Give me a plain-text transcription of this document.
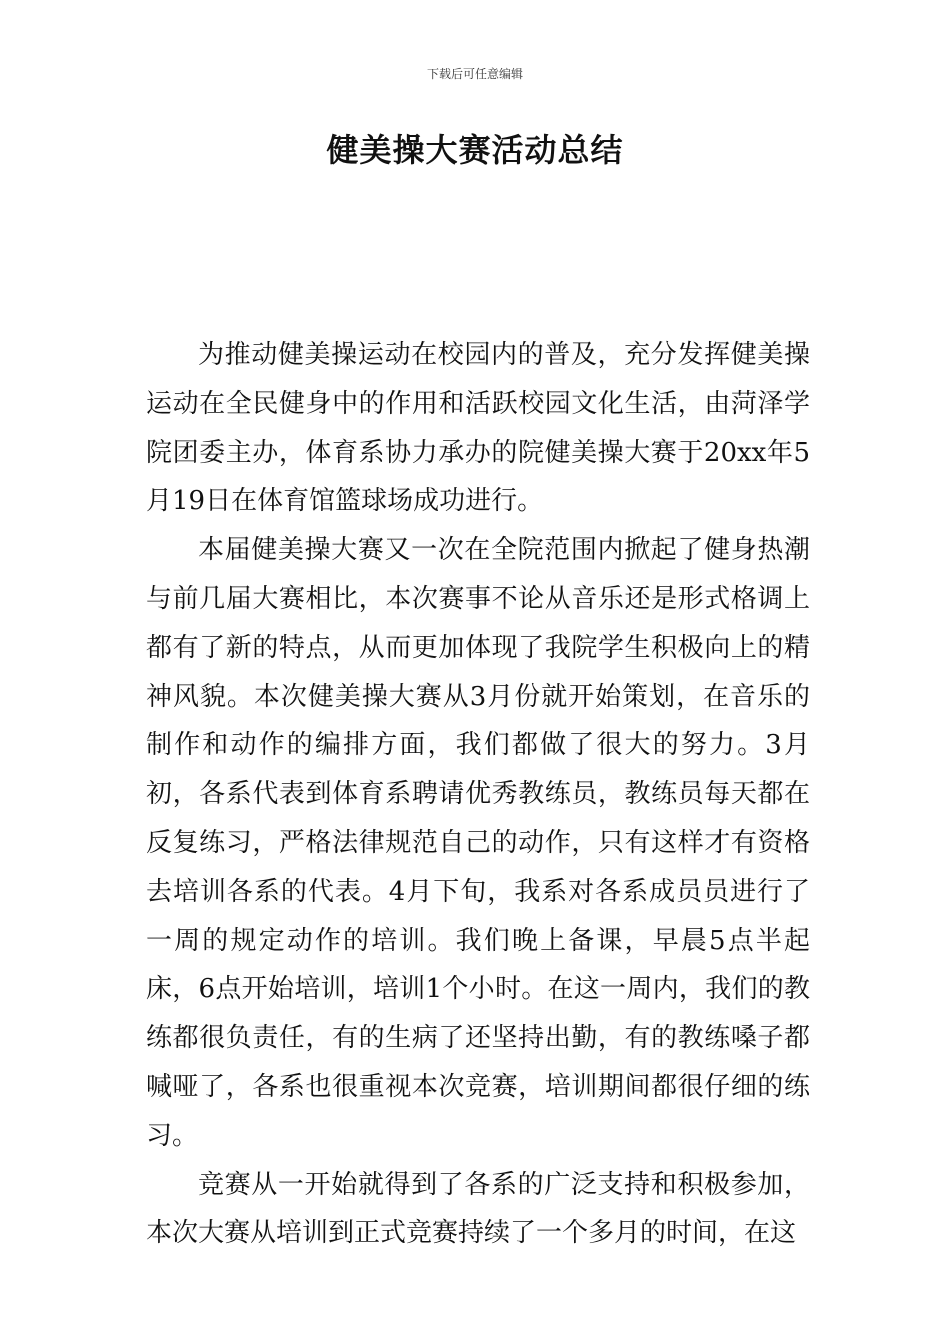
下载后可任意编辑
健美操大赛活动总结

为推动健美操运动在校园内的普及，充分发挥健美操运动在全民健身中的作用和活跃校园文化生活，由菏泽学院团委主办，体育系协力承办的院健美操大赛于20xx年5月19日在体育馆篮球场成功进行。

本届健美操大赛又一次在全院范围内掀起了健身热潮与前几届大赛相比，本次赛事不论从音乐还是形式格调上都有了新的特点，从而更加体现了我院学生积极向上的精神风貌。本次健美操大赛从3月份就开始策划，在音乐的制作和动作的编排方面，我们都做了很大的努力。3月初，各系代表到体育系聘请优秀教练员，教练员每天都在反复练习，严格法律规范自己的动作，只有这样才有资格去培训各系的代表。4月下旬，我系对各系成员员进行了一周的规定动作的培训。我们晚上备课，早晨5点半起床，6点开始培训，培训1个小时。在这一周内，我们的教练都很负责任，有的生病了还坚持出勤，有的教练嗓子都喊哑了，各系也很重视本次竞赛，培训期间都很仔细的练习。

竞赛从一开始就得到了各系的广泛支持和积极参加，本次大赛从培训到正式竞赛持续了一个多月的时间，在这
